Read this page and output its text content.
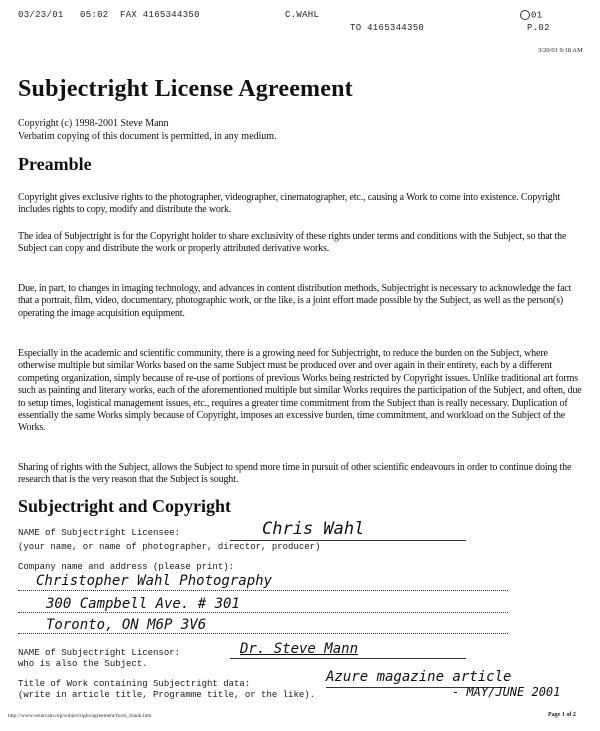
03/23/01 05:02 FAX 4165344350	C.WAHL
TO 4165344350
01
P.02
3/20/01 9:18 AM
Subjectright License Agreement
Copyright (c) 1998-2001 Steve Mann
Verbatim copying of this document is permitted, in any medium.
Preamble
Copyright gives exclusive rights to the photographer, videographer, cinematographer, etc., causing a Work to come into existence. Copyright includes rights to copy, modify and distribute the work.
The idea of Subjectright is for the Copyright holder to share exclusivity of these rights under terms and conditions with the Subject, so that the Subject can copy and distribute the work or properly attributed derivative works.
Due, in part, to changes in imaging technology, and advances in content distribution methods, Subjectright is necessary to acknowledge the fact that a portrait, film, video, documentary, photographic work, or the like, is a joint effort made possible by the Subject, as well as the person(s) operating the image acquisition equipment.
Especially in the academic and scientific community, there is a growing need for Subjectright, to reduce the burden on the Subject, where otherwise multiple but similar Works based on the same Subject must be produced over and over again in their entirety, each by a different competing organization, simply because of re-use of portions of previous Works being restricted by Copyright issues. Unlike traditional art forms such as painting and literary works, each of the aforementioned multiple but similar Works requires the participation of the Subject, and often, due to setup times, logistical management issues, etc., requires a greater time commitment from the Subject than is really necessary. Duplication of essentially the same Works simply because of Copyright, imposes an excessive burden, time commitment, and workload on the Subject of the Works.
Sharing of rights with the Subject, allows the Subject to spend more time in pursuit of other scientific endeavours in order to continue doing the research that is the very reason that the Subject is sought.
Subjectright and Copyright
NAME of Subjectright Licensee:	Chris Wahl
(your name, or name of photographer, director, producer)
Company name and address (please print):
Christopher Wahl Photography
300 Campbell Ave. # 301
Toronto, ON M6P 3V6
NAME of Subjectright Licensor:	Dr. Steve Mann
who is also the Subject.
Title of Work containing Subjectright data:	Azure magazine article
(write in article title, Programme title, or the like).	- MAY/JUNE 2001
http://www.wearcam.org/subjectright/agreement/form_blank.htm	Page 1 of 2
